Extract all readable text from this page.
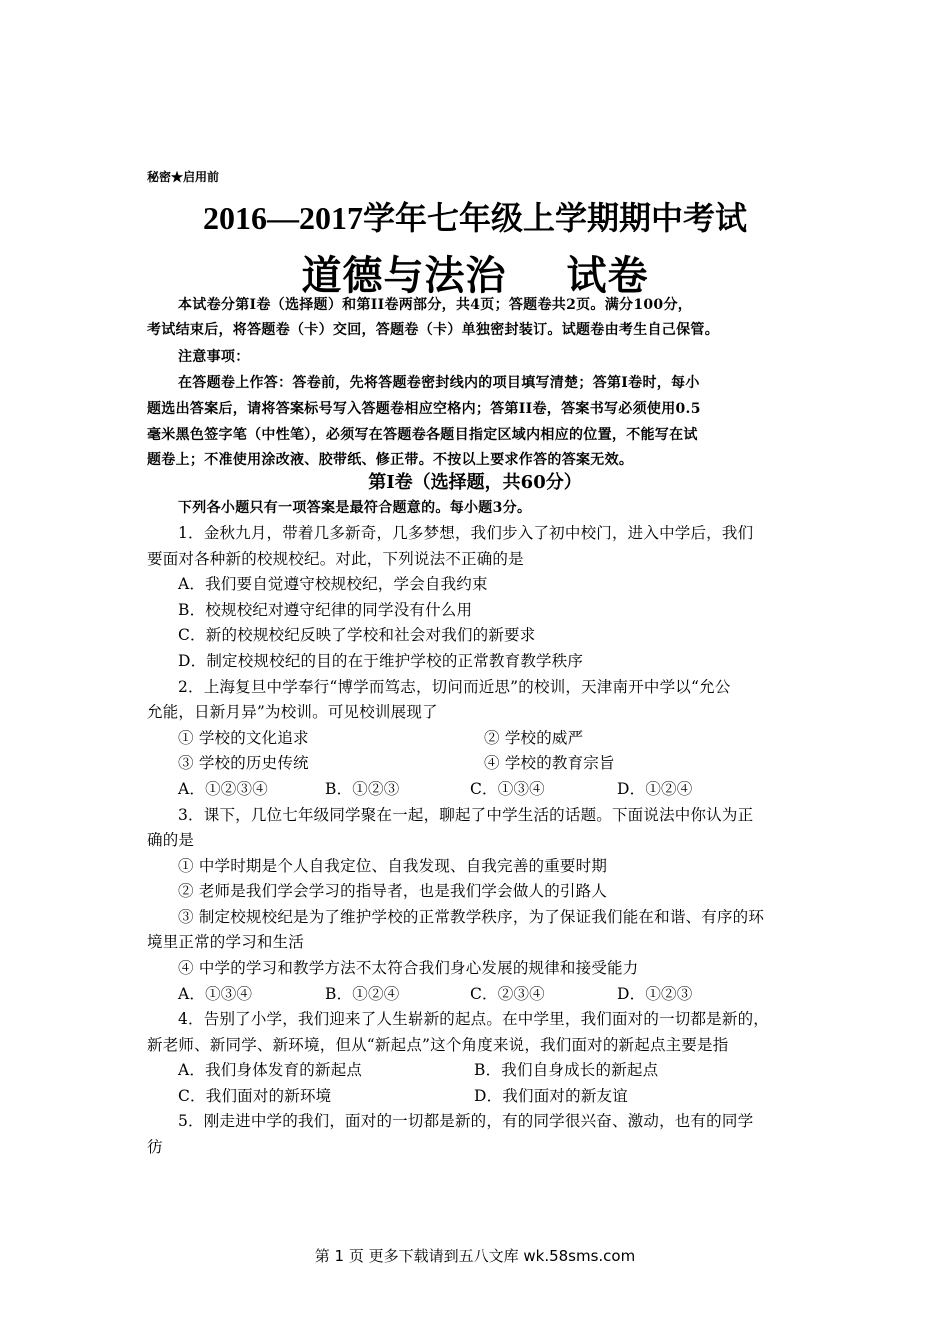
秘密★启用前
2016—2017学年七年级上学期期中考试
道德与法治 试卷
本试卷分第Ⅰ卷（选择题）和第II卷两部分，共4页；答题卷共2页。满分100分，
考试结束后，将答题卷（卡）交回，答题卷（卡）单独密封装订。试题卷由考生自己保管。
注意事项：
在答题卷上作答：答卷前，先将答题卷密封线内的项目填写清楚；答第Ⅰ卷时，每小
题选出答案后，请将答案标号写入答题卷相应空格内；答第II卷，答案书写必须使用0.5
毫米黑色签字笔（中性笔），必须写在答题卷各题目指定区域内相应的位置，不能写在试
题卷上；不准使用涂改液、胶带纸、修正带。不按以上要求作答的答案无效。
第Ⅰ卷（选择题，共60分）
下列各小题只有一项答案是最符合题意的。每小题3分。
1．金秋九月，带着几多新奇，几多梦想，我们步入了初中校门，进入中学后，我们
要面对各种新的校规校纪。对此，下列说法不正确的是
A．我们要自觉遵守校规校纪，学会自我约束
B．校规校纪对遵守纪律的同学没有什么用
C．新的校规校纪反映了学校和社会对我们的新要求
D．制定校规校纪的目的在于维护学校的正常教育教学秩序
2．上海复旦中学奉行“博学而笃志，切问而近思”的校训，天津南开中学以“允公
允能，日新月异”为校训。可见校训展现了
① 学校的文化追求	② 学校的威严
③ 学校的历史传统	④ 学校的教育宗旨
A．①②③④	B．①②③	C．①③④	D．①②④
3．课下，几位七年级同学聚在一起，聊起了中学生活的话题。下面说法中你认为正
确的是
① 中学时期是个人自我定位、自我发现、自我完善的重要时期
② 老师是我们学会学习的指导者，也是我们学会做人的引路人
③ 制定校规校纪是为了维护学校的正常教学秩序，为了保证我们能在和谐、有序的环
境里正常的学习和生活
④ 中学的学习和教学方法不太符合我们身心发展的规律和接受能力
A．①③④	B．①②④	C．②③④	D．①②③
4．告别了小学，我们迎来了人生崭新的起点。在中学里，我们面对的一切都是新的，
新老师、新同学、新环境，但从“新起点”这个角度来说，我们面对的新起点主要是指
A．我们身体发育的新起点	B．我们自身成长的新起点
C．我们面对的新环境	D．我们面对的新友谊
5．刚走进中学的我们，面对的一切都是新的，有的同学很兴奋、激动，也有的同学
彷
第 1 页 更多下载请到五八文库 wk.58sms.com
